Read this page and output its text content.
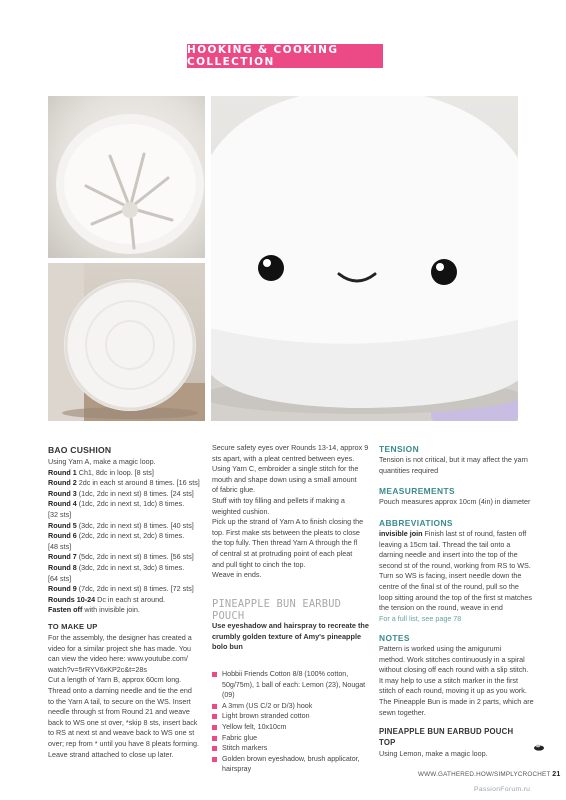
HOOKING & COOKING COLLECTION
BAO CUSHION
Using Yarn A, make a magic loop.
Round 1 Ch1, 8dc in loop. [8 sts]
Round 2 2dc in each st around 8 times. [16 sts]
Round 3 (1dc, 2dc in next st) 8 times. [24 sts]
Round 4 (1dc, 2dc in next st, 1dc) 8 times.
[32 sts]
Round 5 (3dc, 2dc in next st) 8 times. [40 sts]
Round 6 (2dc, 2dc in next st, 2dc) 8 times.
[48 sts]
Round 7 (5dc, 2dc in next st) 8 times. [56 sts]
Round 8 (3dc, 2dc in next st, 3dc) 8 times.
[64 sts]
Round 9 (7dc, 2dc in next st) 8 times. [72 sts]
Rounds 10-24 Dc in each st around.
Fasten off with invisible join.
TO MAKE UP
For the assembly, the designer has created a
video for a similar project she has made. You
can view the video here: www.youtube.com/
watch?v=5rRYV6xKP2c&t=28s
Cut a length of Yarn B, approx 60cm long.
Thread onto a darning needle and tie the end
to the Yarn A tail, to secure on the WS. Insert
needle through st from Round 21 and weave
back to WS one st over, *skip 8 sts, insert back
to RS at next st and weave back to WS one st
over; rep from * until you have 8 pleats forming.
Leave strand attached to close up later.
Secure safety eyes over Rounds 13-14, approx 9
sts apart, with a pleat centred between eyes.
Using Yarn C, embroider a single stitch for the
mouth and shape down using a small amount
of fabric glue.
Stuff with toy filling and pellets if making a
weighted cushion.
Pick up the strand of Yarn A to finish closing the
top. First make sts between the pleats to close
the top fully. Then thread Yarn A through the fl
of central st at protruding point of each pleat
and pull tight to cinch the top.
Weave in ends.
PINEAPPLE BUN EARBUD POUCH
Use eyeshadow and hairspray to recreate the crumbly golden texture of Amy's pineapple bolo bun
Hobbii Friends Cotton 8/8 (100% cotton, 50g/75m), 1 ball of each: Lemon (23), Nougat (09)
A 3mm (US C/2 or D/3) hook
Light brown stranded cotton
Yellow felt, 10x10cm
Fabric glue
Stitch markers
Golden brown eyeshadow, brush applicator, hairspray
TENSION
Tension is not critical, but it may affect the yarn
quantities required
MEASUREMENTS
Pouch measures approx 10cm (4in) in diameter
ABBREVIATIONS
invisible join Finish last st of round, fasten off
leaving a 15cm tail. Thread the tail onto a
darning needle and insert into the top of the
second st of the round, working from RS to WS.
Turn so WS is facing, insert needle down the
centre of the final st of the round, pull so the
loop sitting around the top of the first st matches
the tension on the round, weave in end
For a full list, see page 78
NOTES
Pattern is worked using the amigurumi
method. Work stitches continuously in a spiral
without closing off each round with a slip stitch.
It may help to use a stitch marker in the first
stitch of each round, moving it up as you work.
The Pineapple Bun is made in 2 parts, which are
sewn together.
PINEAPPLE BUN EARBUD POUCH
TOP
Using Lemon, make a magic loop.
WWW.GATHERED.HOW/SIMPLYCROCHET 21
PassionForum.ru
